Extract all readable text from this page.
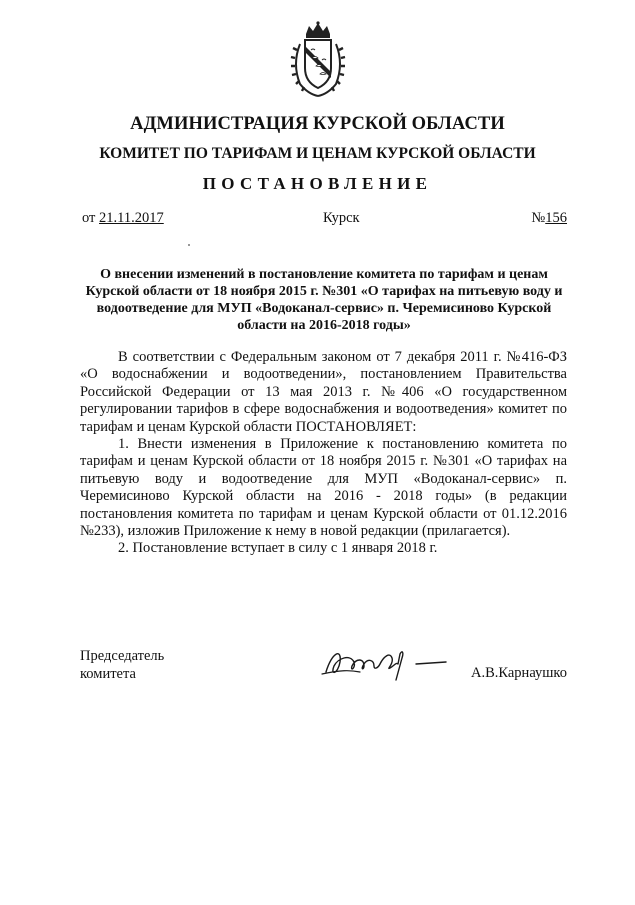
АДМИНИСТРАЦИЯ КУРСКОЙ ОБЛАСТИ
КОМИТЕТ ПО ТАРИФАМ И ЦЕНАМ КУРСКОЙ ОБЛАСТИ
ПОСТАНОВЛЕНИЕ
от 21.11.2017	Курск	№156
О внесении изменений в постановление комитета по тарифам и ценам Курской области от 18 ноября 2015 г. №301 «О тарифах на питьевую воду и водоотведение для МУП «Водоканал-сервис» п. Черемисиново Курской области на 2016-2018 годы»

В соответствии с Федеральным законом от 7 декабря 2011 г. №416-ФЗ «О водоснабжении и водоотведении», постановлением Правительства Российской Федерации от 13 мая 2013 г. №406 «О государственном регулировании тарифов в сфере водоснабжения и водоотведения» комитет по тарифам и ценам Курской области ПОСТАНОВЛЯЕТ:

1. Внести изменения в Приложение к постановлению комитета по тарифам и ценам Курской области от 18 ноября 2015 г. №301 «О тарифах на питьевую воду и водоотведение для МУП «Водоканал-сервис» п. Черемисиново Курской области на 2016 - 2018 годы» (в редакции постановления комитета по тарифам и ценам Курской области от 01.12.2016 №233), изложив Приложение к нему в новой редакции (прилагается).

2. Постановление вступает в силу с 1 января 2018 г.

Председатель
комитета	А.В.Карнаушко
